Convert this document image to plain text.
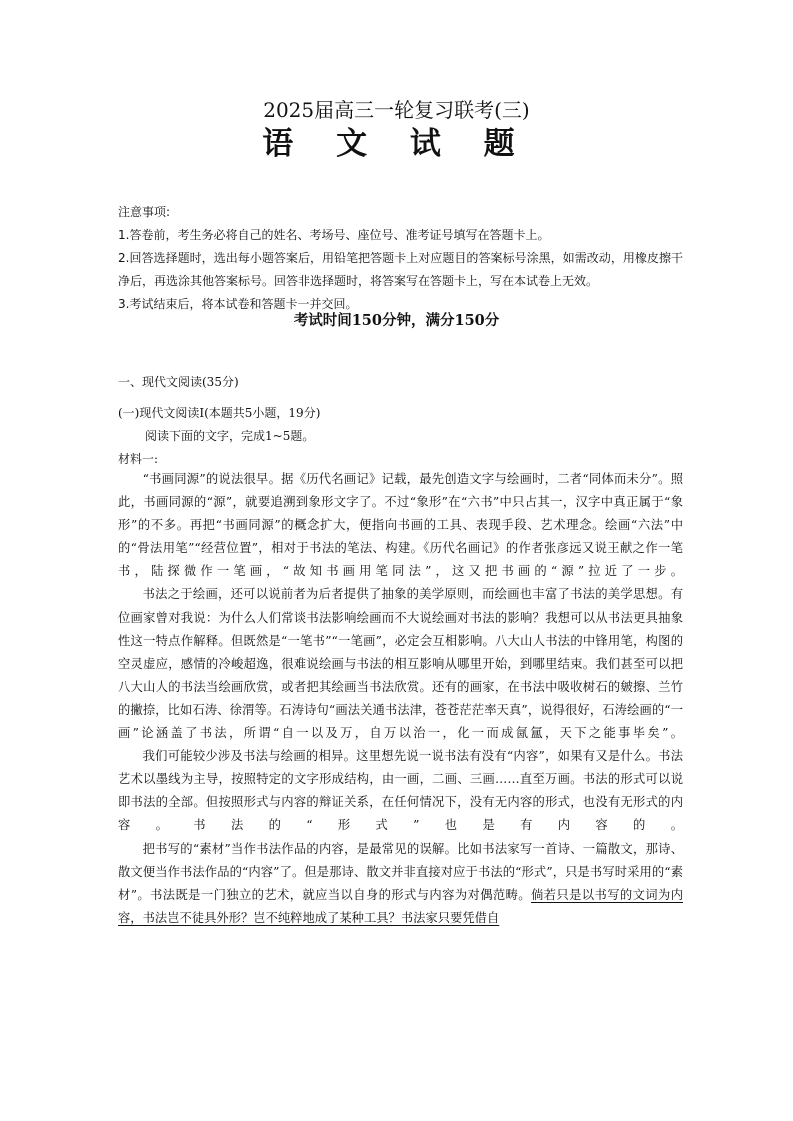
2025届高三一轮复习联考(三)
语 文 试 题

注意事项:

1.答卷前，考生务必将自己的姓名、考场号、座位号、准考证号填写在答题卡上。

2.回答选择题时，选出每小题答案后，用铅笔把答题卡上对应题目的答案标号涂黑，如需改动，用橡皮擦干净后，再选涂其他答案标号。回答非选择题时，将答案写在答题卡上，写在本试卷上无效。

3.考试结束后，将本试卷和答题卡一并交回。

考试时间150分钟，满分150分
一、现代文阅读(35分)
(一)现代文阅读Ⅰ(本题共5小题，19分)
阅读下面的文字，完成1~5题。
材料一:

“书画同源”的说法很早。据《历代名画记》记载，最先创造文字与绘画时，二者“同体而未分”。照此，书画同源的“源”，就要追溯到象形文字了。不过“象形”在“六书”中只占其一，汉字中真正属于“象形”的不多。再把“书画同源”的概念扩大，便指向书画的工具、表现手段、艺术理念。绘画“六法”中的“骨法用笔”“经营位置”，相对于书法的笔法、构建。《历代名画记》的作者张彦远又说王献之作一笔书，陆探微作一笔画，“故知书画用笔同法”，这又把书画的“源”拉近了一步。

书法之于绘画，还可以说前者为后者提供了抽象的美学原则，而绘画也丰富了书法的美学思想。有位画家曾对我说：为什么人们常谈书法影响绘画而不大说绘画对书法的影响？我想可以从书法更具抽象性这一特点作解释。但既然是“一笔书”“一笔画”，必定会互相影响。八大山人书法的中锋用笔，构图的空灵虚应，感情的冷峻超逸，很难说绘画与书法的相互影响从哪里开始，到哪里结束。我们甚至可以把八大山人的书法当绘画欣赏，或者把其绘画当书法欣赏。还有的画家，在书法中吸收树石的皴擦、兰竹的撇捺，比如石涛、徐渭等。石涛诗句“画法关通书法津，苍苍茫茫率天真”，说得很好，石涛绘画的“一画”论涵盖了书法，所谓“自一以及万，自万以治一，化一而成氤氲，天下之能事毕矣”。

我们可能较少涉及书法与绘画的相异。这里想先说一说书法有没有“内容”，如果有又是什么。书法艺术以墨线为主导，按照特定的文字形成结构，由一画，二画、三画……直至万画。书法的形式可以说即书法的全部。但按照形式与内容的辩证关系，在任何情况下，没有无内容的形式，也没有无形式的内容。书法的“形式”也是有内容的。

把书写的“素材”当作书法作品的内容，是最常见的误解。比如书法家写一首诗、一篇散文，那诗、散文便当作书法作品的“内容”了。但是那诗、散文并非直接对应于书法的“形式”，只是书写时采用的“素材”。书法既是一门独立的艺术，就应当以自身的形式与内容为对偶范畴。倘若只是以书写的文词为内容，书法岂不徒具外形？岂不纯粹地成了某种工具？书法家只要凭借自
